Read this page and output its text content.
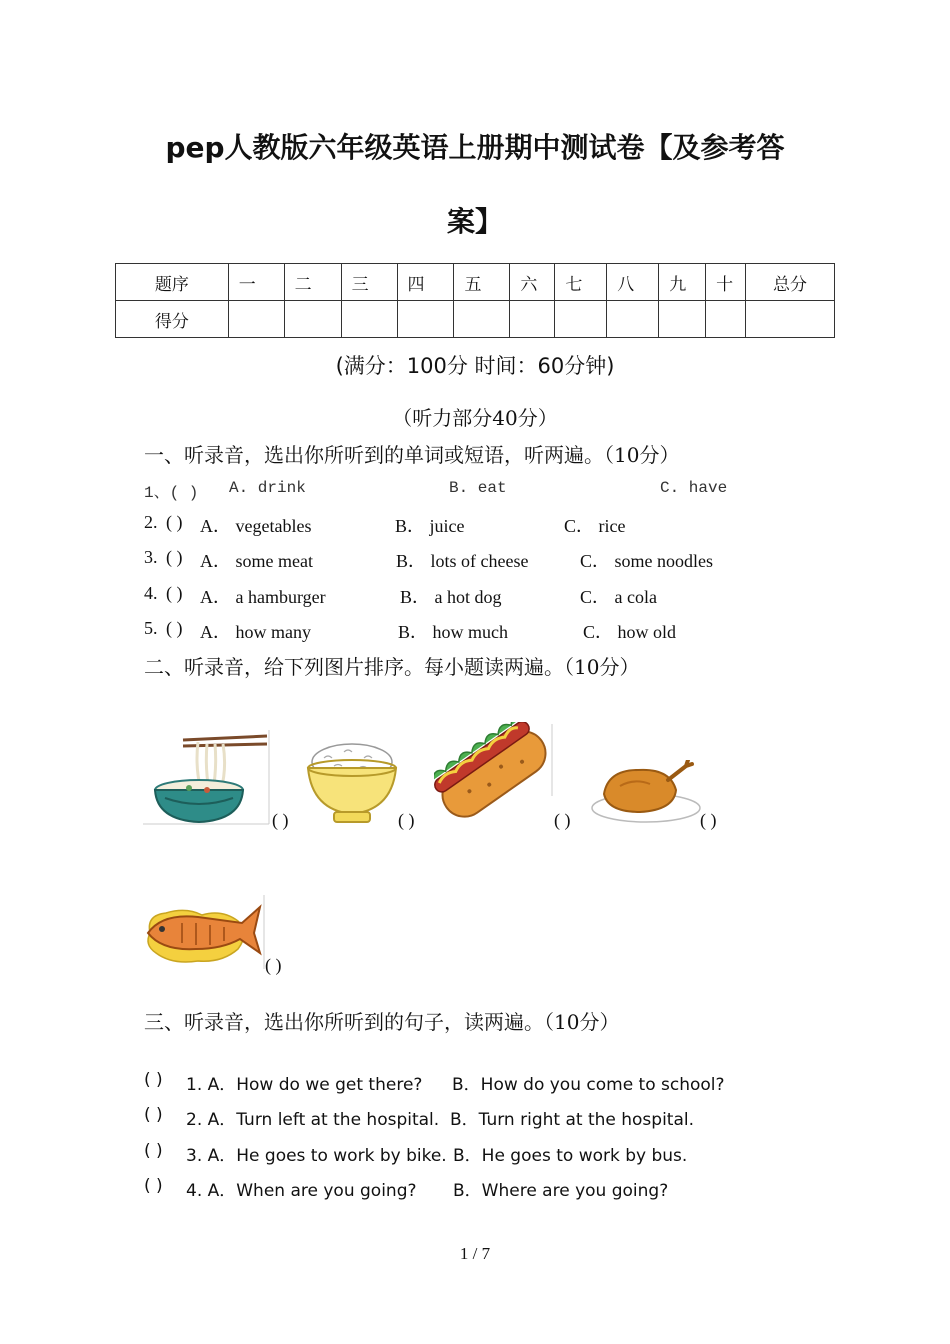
pep人教版六年级英语上册期中测试卷【及参考答
案】
题序	一	二	三	四	五	六	七	八	九	十	总分
得分											
(满分：100分 时间：60分钟)
（听力部分40分）
一、听录音，选出你所听到的单词或短语，听两遍。（10分）
1、( ) A. drink	B. eat	C. have
2. ( ) A． vegetables	B． juice	C． rice
3. ( ) A． some meat	B． lots of cheese	C． some noodles
4. ( ) A． a hamburger	B． a hot dog	C． a cola
5. ( ) A． how many	B． how much	C． how old
二、听录音，给下列图片排序。每小题读两遍。（10分）
( )	( )	( )	( )
( )
三、听录音，选出你所听到的句子，读两遍。（10分）
( ) 1. A．How do we get there? B．How do you come to school?
( ) 2. A．Turn left at the hospital. B．Turn right at the hospital.
( ) 3. A．He goes to work by bike. B．He goes to work by bus.
( ) 4. A．When are you going? B．Where are you going?
1 / 7
